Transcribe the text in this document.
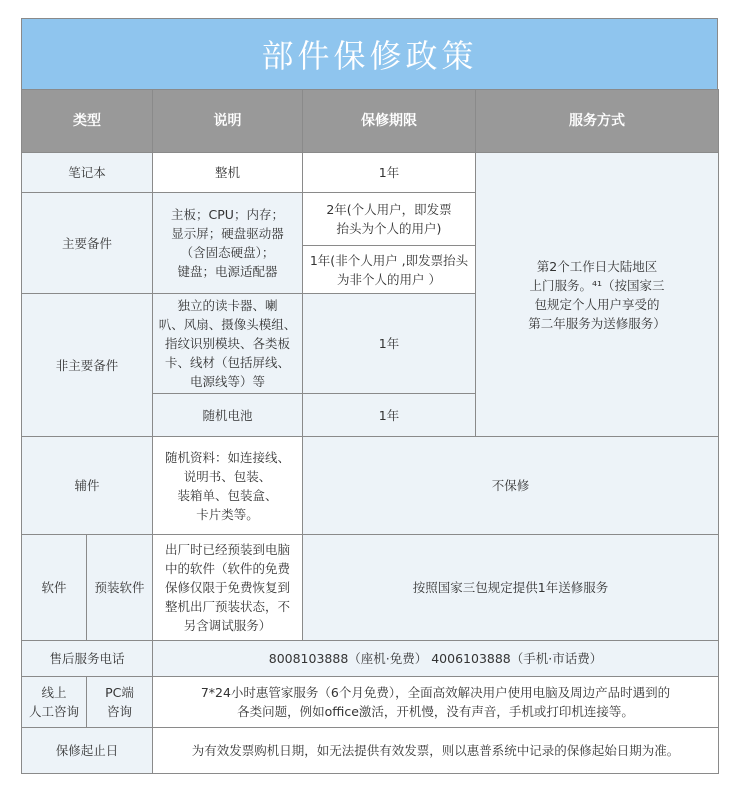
部件保修政策
类型		说明	保修期限	服务方式
笔记本		整机	1年	第2个工作日大陆地区
上门服务。⁴¹（按国家三
包规定个人用户享受的
第二年服务为送修服务）
主要备件		主板；CPU；内存；
显示屏；硬盘驱动器
（含固态硬盘）；
键盘；电源适配器	2年(个人用户，即发票
抬头为个人的用户)	
			1年(非个人用户 ,即发票抬头
为非个人的用户 ）	
非主要备件		独立的读卡器、喇
叭、风扇、摄像头模组、
指纹识别模块、各类板
卡、线材（包括屏线、
电源线等）等	1年	
		随机电池	1年	
辅件		随机资料：如连接线、
说明书、包装、
装箱单、包装盒、
卡片类等。	不保修	
软件	预装软件	出厂时已经预装到电脑
中的软件（软件的免费
保修仅限于免费恢复到
整机出厂预装状态，不
另含调试服务）	按照国家三包规定提供1年送修服务	
售后服务电话		8008103888（座机·免费） 4006103888（手机·市话费）		
线上
人工咨询	PC端
咨询	7*24小时惠管家服务（6个月免费），全面高效解决用户使用电脑及周边产品时遇到的
各类问题，例如office激活，开机慢，没有声音，手机或打印机连接等。		
保修起止日		为有效发票购机日期，如无法提供有效发票，则以惠普系统中记录的保修起始日期为准。		
